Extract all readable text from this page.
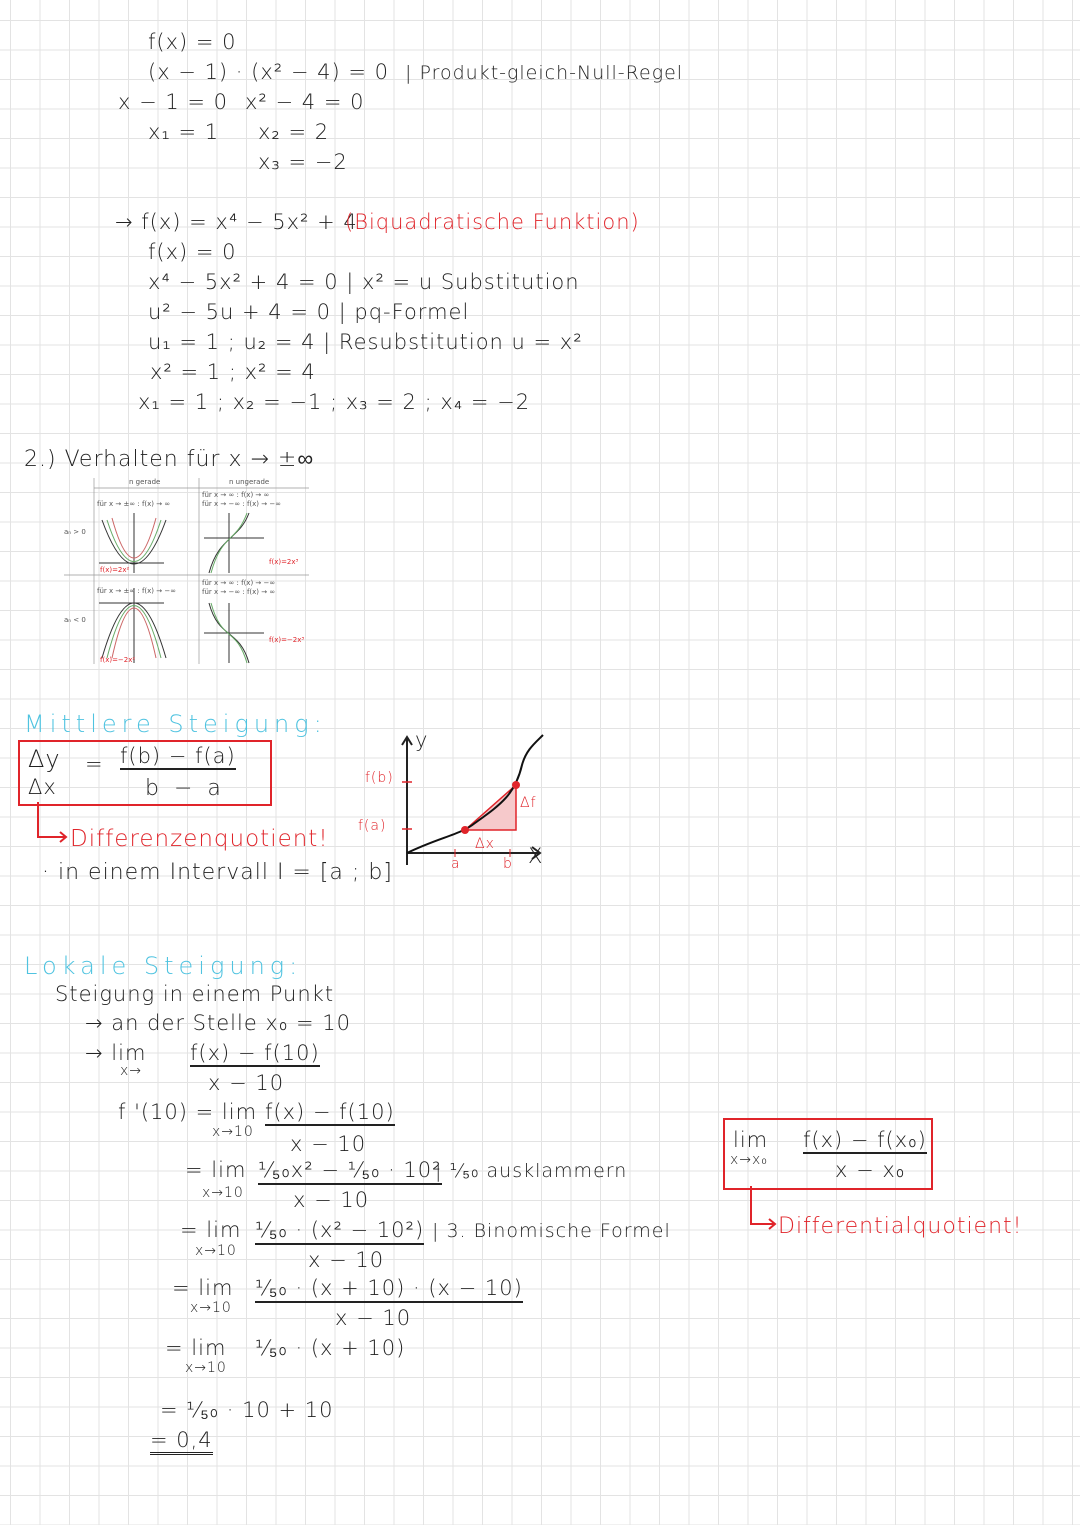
f(x) = 0
(x − 1) · (x² − 4) = 0 | Produkt-gleich-Null-Regel
x − 1 = 0 x² − 4 = 0
x₁ = 1 x₂ = 2
x₃ = −2
→ f(x) = x⁴ − 5x² + 4
(Biquadratische Funktion)
f(x) = 0
x⁴ − 5x² + 4 = 0 | x² = u Substitution
u² − 5u + 4 = 0 | pq-Formel
u₁ = 1 ; u₂ = 4 | Resubstitution u = x²
x² = 1 ; x² = 4
x₁ = 1 ; x₂ = −1 ; x₃ = 2 ; x₄ = −2
2.) Verhalten für x → ±∞
n gerade	n ungerade
aₙ > 0
aₙ < 0
für x → ±∞ : f(x) → ∞
für x → ∞ : f(x) → ∞
für x → −∞ : f(x) → −∞
für x → ±∞ : f(x) → −∞
für x → ∞ : f(x) → −∞
für x → −∞ : f(x) → ∞
f(x)=2x²
f(x)=2x³
f(x)=−2x²
f(x)=−2x³
Mittlere Steigung:
Δy
Δx
= f(b) − f(a)
b − a
Differenzenquotient!
· in einem Intervall I = [a ; b]
y
X
f(b)
f(a)
Δf
Δx
a	b
Lokale Steigung:
Steigung in einem Punkt
→ an der Stelle x₀ = 10
→ lim
x→
f(x) − f(10)
x − 10
f '(10) = lim
x→10
f(x) − f(10)
x − 10
= lim
x→10
¹⁄₅₀x² − ¹⁄₅₀ · 10²
x − 10
| ¹⁄₅₀ ausklammern
= lim
x→10
¹⁄₅₀ · (x² − 10²)
x − 10
| 3. Binomische Formel
= lim
x→10
¹⁄₅₀ · (x + 10) · (x − 10)
x − 10
= lim
x→10
¹⁄₅₀ · (x + 10)
= ¹⁄₅₀ · 10 + 10
= 0,4
lim
x→x₀
f(x) − f(x₀)
x − x₀
Differentialquotient!
